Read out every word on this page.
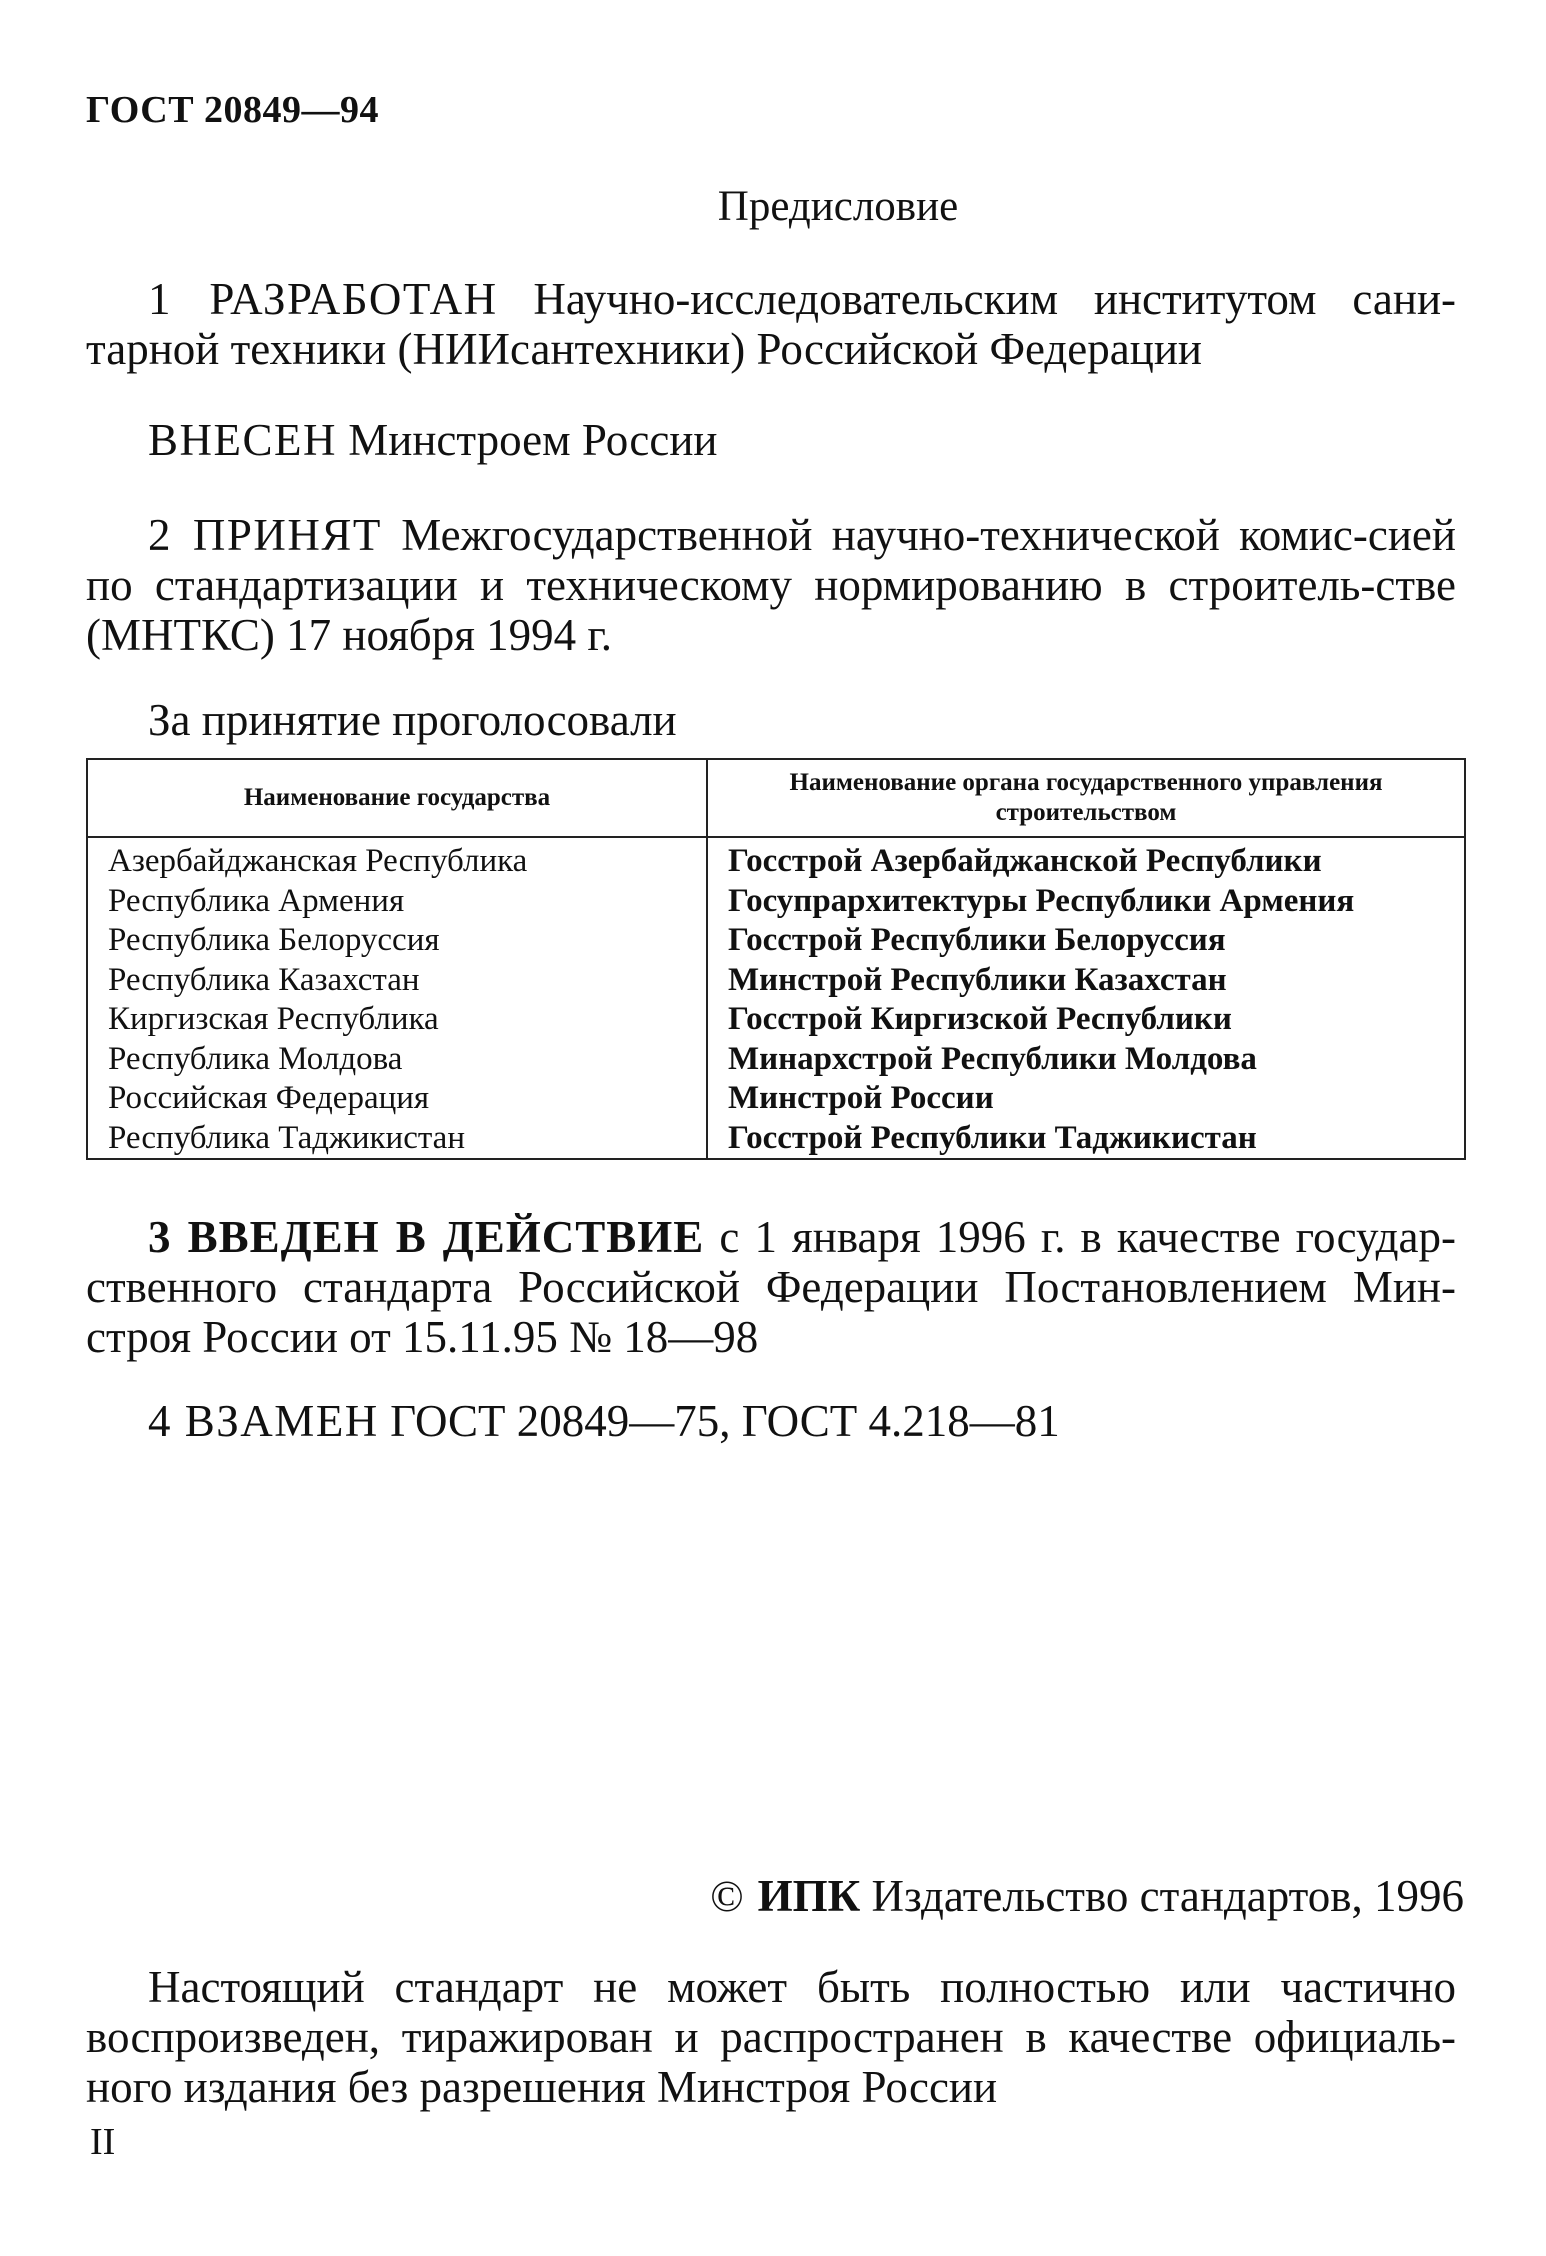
ГОСТ 20849—94
Предисловие

1 РАЗРАБОТАН Научно-исследовательским институтом сани-тарной техники (НИИсантехники) Российской Федерации

ВНЕСЕН Минстроем России

2 ПРИНЯТ Межгосударственной научно-технической комис-сией по стандартизации и техническому нормированию в строитель-стве (МНТКС) 17 ноября 1994 г.

За принятие проголосовали

Наименование государства	Наименование органа государственного управления строительством
Азербайджанская Республика	Госстрой Азербайджанской Республики
Республика Армения	Госупрархитектуры Республики Армения
Республика Белоруссия	Госстрой Республики Белоруссия
Республика Казахстан	Минстрой Республики Казахстан
Киргизская Республика	Госстрой Киргизской Республики
Республика Молдова	Минархстрой Республики Молдова
Российская Федерация	Минстрой России
Республика Таджикистан	Госстрой Республики Таджикистан

3 ВВЕДЕН В ДЕЙСТВИЕ с 1 января 1996 г. в качестве государ-ственного стандарта Российской Федерации Постановлением Мин-строя России от 15.11.95 № 18—98

4 ВЗАМЕН ГОСТ 20849—75, ГОСТ 4.218—81

© ИПК Издательство стандартов, 1996

Настоящий стандарт не может быть полностью или частично воспроизведен, тиражирован и распространен в качестве официаль-ного издания без разрешения Минстроя России

II
